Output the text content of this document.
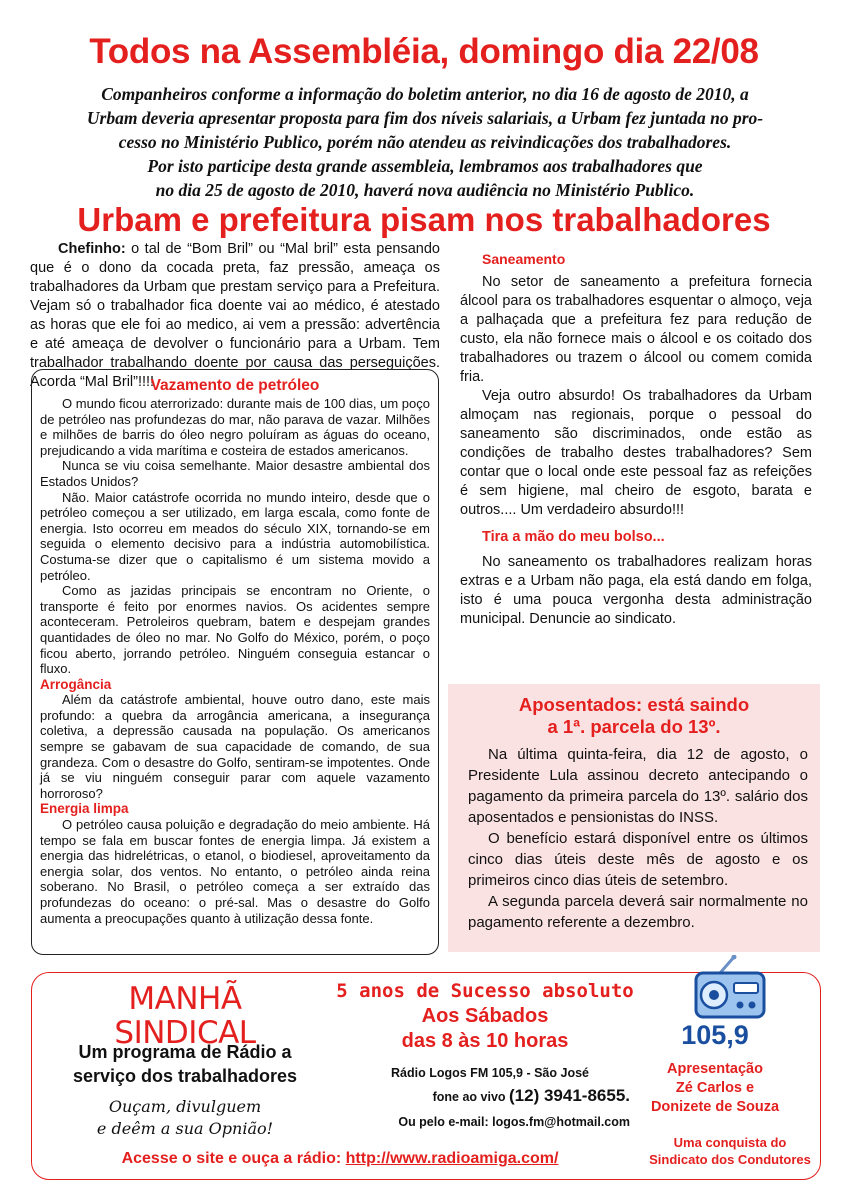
Todos na Assembléia, domingo dia 22/08

Companheiros conforme a informação do boletim anterior, no dia 16 de agosto de 2010, a

Urbam deveria apresentar proposta para fim dos níveis salariais, a Urbam fez juntada no pro-

cesso no Ministério Publico, porém não atendeu as reivindicações dos trabalhadores.

Por isto participe desta grande assembleia, lembramos aos trabalhadores que

no dia 25 de agosto de 2010, haverá nova audiência no Ministério Publico.

Urbam e prefeitura pisam nos trabalhadores

Chefinho: o tal de “Bom Bril” ou “Mal bril” esta pensando que é o dono da cocada preta, faz pressão, ameaça os trabalhadores da Urbam que prestam serviço para a Prefeitura. Vejam só o trabalhador fica doente vai ao médico, é atestado as horas que ele foi ao medico, ai vem a pressão: advertência e até ameaça de devolver o funcionário para a Urbam. Tem trabalhador trabalhando doente por causa das perseguições. Acorda “Mal Bril”!!!!

Vazamento de petróleo

O mundo ficou aterrorizado: durante mais de 100 dias, um poço de petróleo nas profundezas do mar, não parava de vazar. Milhões e milhões de barris do óleo negro poluíram as águas do oceano, prejudicando a vida marítima e costeira de estados americanos.

Nunca se viu coisa semelhante. Maior desastre ambiental dos Estados Unidos?

Não. Maior catástrofe ocorrida no mundo inteiro, desde que o petróleo começou a ser utilizado, em larga escala, como fonte de energia. Isto ocorreu em meados do século XIX, tornando-se em seguida o elemento decisivo para a indústria automobilística. Costuma-se dizer que o capitalismo é um sistema movido a petróleo.

Como as jazidas principais se encontram no Oriente, o transporte é feito por enormes navios. Os acidentes sempre aconteceram. Petroleiros quebram, batem e despejam grandes quantidades de óleo no mar. No Golfo do México, porém, o poço ficou aberto, jorrando petróleo. Ninguém conseguia estancar o fluxo.

Arrogância

Além da catástrofe ambiental, houve outro dano, este mais profundo: a quebra da arrogância americana, a insegurança coletiva, a depressão causada na população. Os americanos sempre se gabavam de sua capacidade de comando, de sua grandeza. Com o desastre do Golfo, sentiram-se impotentes. Onde já se viu ninguém conseguir parar com aquele vazamento horroroso?

Energia limpa

O petróleo causa poluição e degradação do meio ambiente. Há tempo se fala em buscar fontes de energia limpa. Já existem a energia das hidrelétricas, o etanol, o biodiesel, aproveitamento da energia solar, dos ventos. No entanto, o petróleo ainda reina soberano. No Brasil, o petróleo começa a ser extraído das profundezas do oceano: o pré-sal. Mas o desastre do Golfo aumenta a preocupações quanto à utilização dessa fonte.

Saneamento

No setor de saneamento a prefeitura fornecia álcool para os trabalhadores esquentar o almoço, veja a palhaçada que a prefeitura fez para redução de custo, ela não fornece mais o álcool e os coitado dos trabalhadores ou trazem o álcool ou comem comida fria.

Veja outro absurdo! Os trabalhadores da Urbam almoçam nas regionais, porque o pessoal do saneamento são discriminados, onde estão as condições de trabalho destes trabalhadores? Sem contar que o local onde este pessoal faz as refeições é sem higiene, mal cheiro de esgoto, barata e outros.... Um verdadeiro absurdo!!!

Tira a mão do meu bolso...

No saneamento os trabalhadores realizam horas extras e a Urbam não paga, ela está dando em folga, isto é uma pouca vergonha desta administração municipal. Denuncie ao sindicato.

Aposentados: está saindo
a 1ª. parcela do 13º.

Na última quinta-feira, dia 12 de agosto, o Presidente Lula assinou decreto antecipando o pagamento da primeira parcela do 13º. salário dos aposentados e pensionistas do INSS.

O benefício estará disponível entre os últimos cinco dias úteis deste mês de agosto e os primeiros cinco dias úteis de setembro.

A segunda parcela deverá sair normalmente no pagamento referente a dezembro.

MANHÃ
SINDICAL
Um programa de Rádio a
serviço dos trabalhadores
Ouçam, divulguem
e deêm a sua Opnião!
Acesse o site e ouça a rádio: http://www.radioamiga.com/
5 anos de Sucesso absoluto
Aos Sábados
das 8 às 10 horas
Rádio Logos FM 105,9 - São José
fone ao vivo (12) 3941-8655.
Ou pelo e-mail: logos.fm@hotmail.com
105,9
Apresentação
Zé Carlos e
Donizete de Souza
Uma conquista do
Sindicato dos Condutores
